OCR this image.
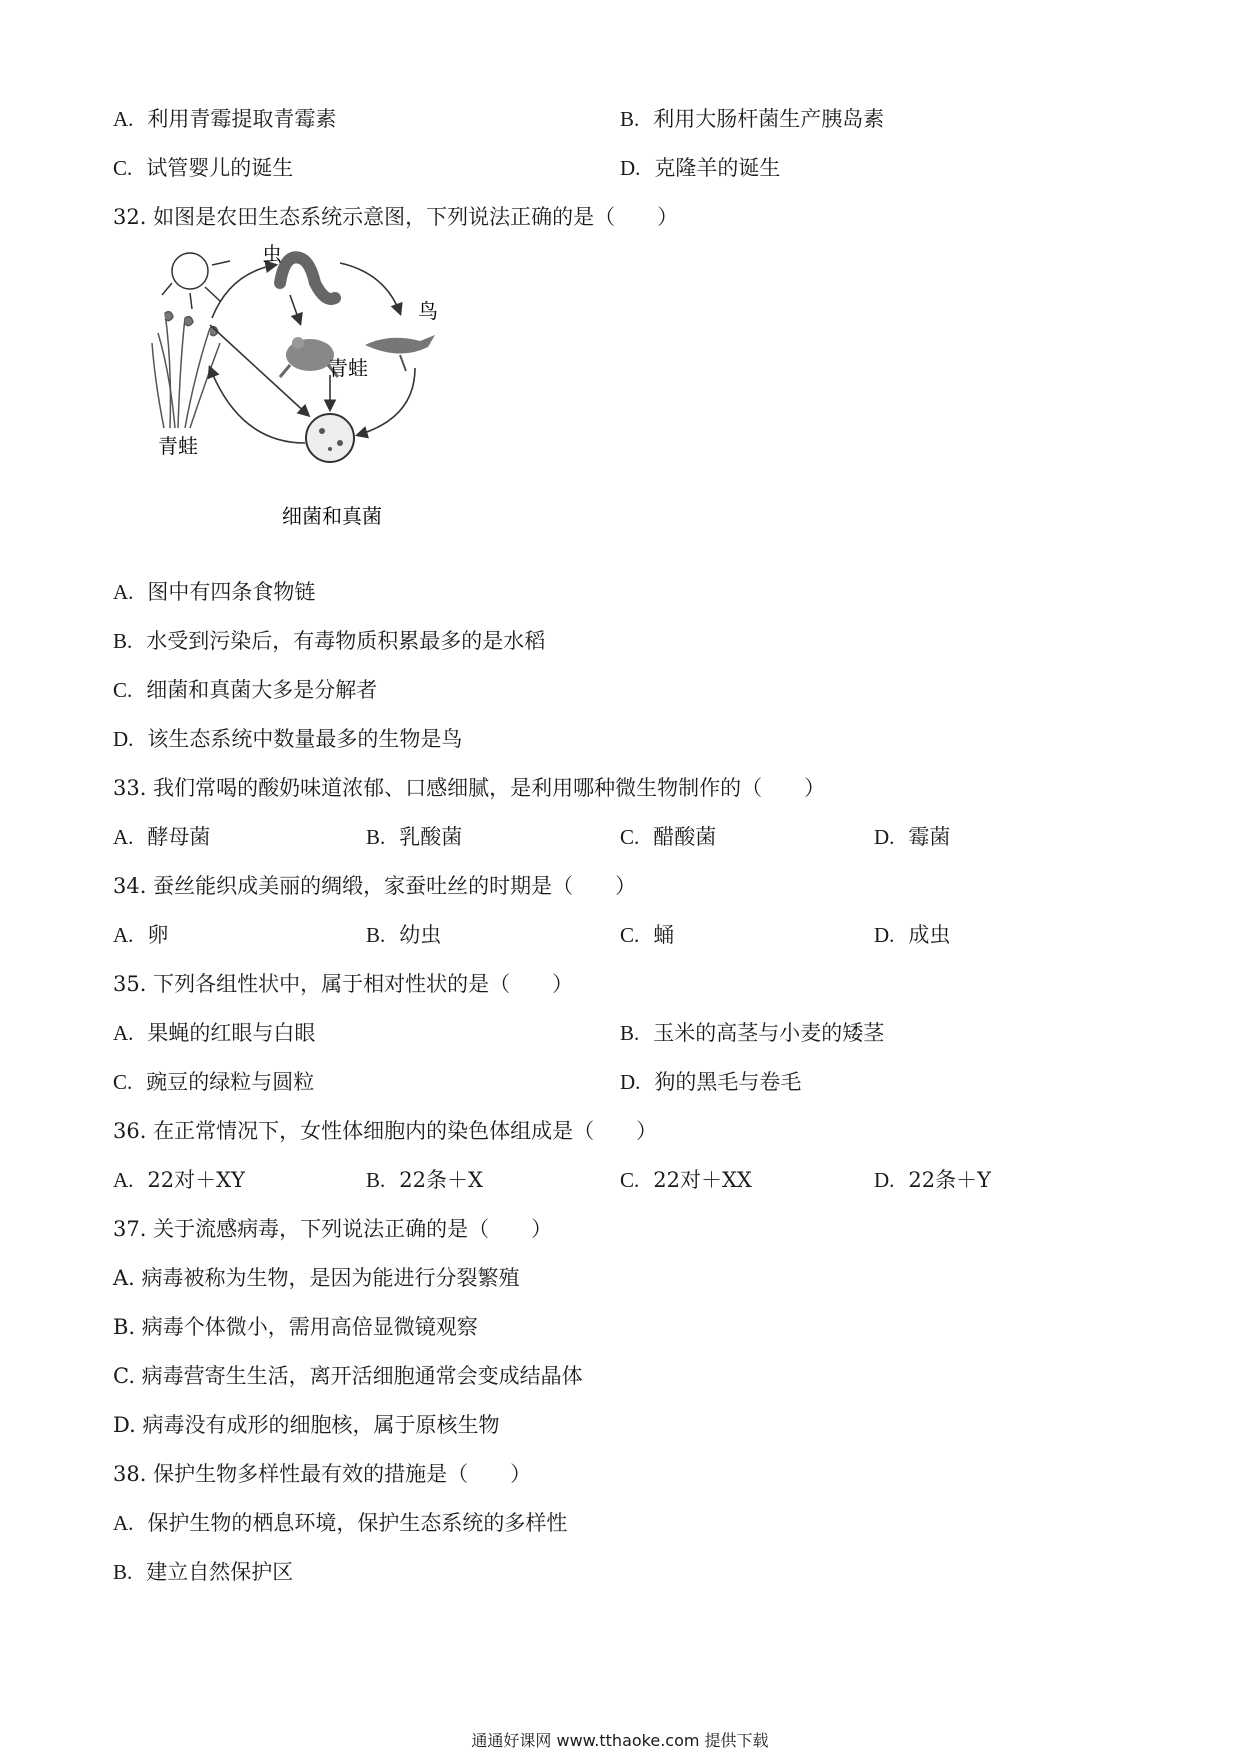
A. 利用青霉提取青霉素	B. 利用大肠杆菌生产胰岛素
C. 试管婴儿的诞生	D. 克隆羊的诞生
32. 如图是农田生态系统示意图，下列说法正确的是（　　）
虫
鸟
青蛙
青蛙
细菌和真菌
A. 图中有四条食物链
B. 水受到污染后，有毒物质积累最多的是水稻
C. 细菌和真菌大多是分解者
D. 该生态系统中数量最多的生物是鸟
33. 我们常喝的酸奶味道浓郁、口感细腻，是利用哪种微生物制作的（　　）
A. 酵母菌	B. 乳酸菌	C. 醋酸菌	D. 霉菌
34. 蚕丝能织成美丽的绸缎，家蚕吐丝的时期是（　　）
A. 卵	B. 幼虫	C. 蛹	D. 成虫
35. 下列各组性状中，属于相对性状的是（　　）
A. 果蝇的红眼与白眼	B. 玉米的高茎与小麦的矮茎
C. 豌豆的绿粒与圆粒	D. 狗的黑毛与卷毛
36. 在正常情况下，女性体细胞内的染色体组成是（　　）
A. 22对＋XY	B. 22条＋X	C. 22对＋XX	D. 22条＋Y
37. 关于流感病毒，下列说法正确的是（　　）
A. 病毒被称为生物，是因为能进行分裂繁殖
B. 病毒个体微小，需用高倍显微镜观察
C. 病毒营寄生生活，离开活细胞通常会变成结晶体
D. 病毒没有成形的细胞核，属于原核生物
38. 保护生物多样性最有效的措施是（　　）
A. 保护生物的栖息环境，保护生态系统的多样性
B. 建立自然保护区
通通好课网 www.tthaoke.com 提供下载
